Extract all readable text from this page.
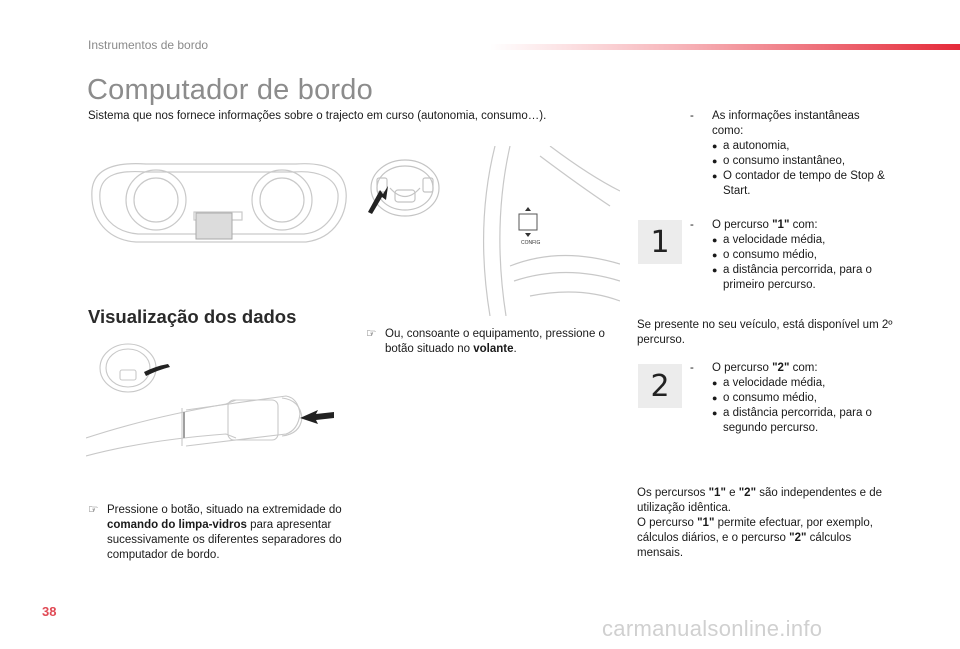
Instrumentos de bordo
Computador de bordo
Sistema que nos fornece informações sobre o trajecto em curso (autonomia, consumo…).
CONFIG
Visualização dos dados
☞ Pressione o botão, situado na extremidade do comando do limpa-vidros para apresentar sucessivamente os diferentes separadores do computador de bordo.
☞ Ou, consoante o equipamento, pressione o botão situado no volante.
- As informações instantâneas como:
● a autonomia,
● o consumo instantâneo,
● O contador de tempo de Stop & Start.
1	- O percurso "1" com:
● a velocidade média,
● o consumo médio,
● a distância percorrida, para o primeiro percurso.
Se presente no seu veículo, está disponível um 2º percurso.
2
- O percurso "2" com:
● a velocidade média,
● o consumo médio,
● a distância percorrida, para o segundo percurso.
Os percursos "1" e "2" são independentes e de utilização idêntica.
O percurso "1" permite efectuar, por exemplo, cálculos diários, e o percurso "2" cálculos mensais.
38
carmanualsonline.info
